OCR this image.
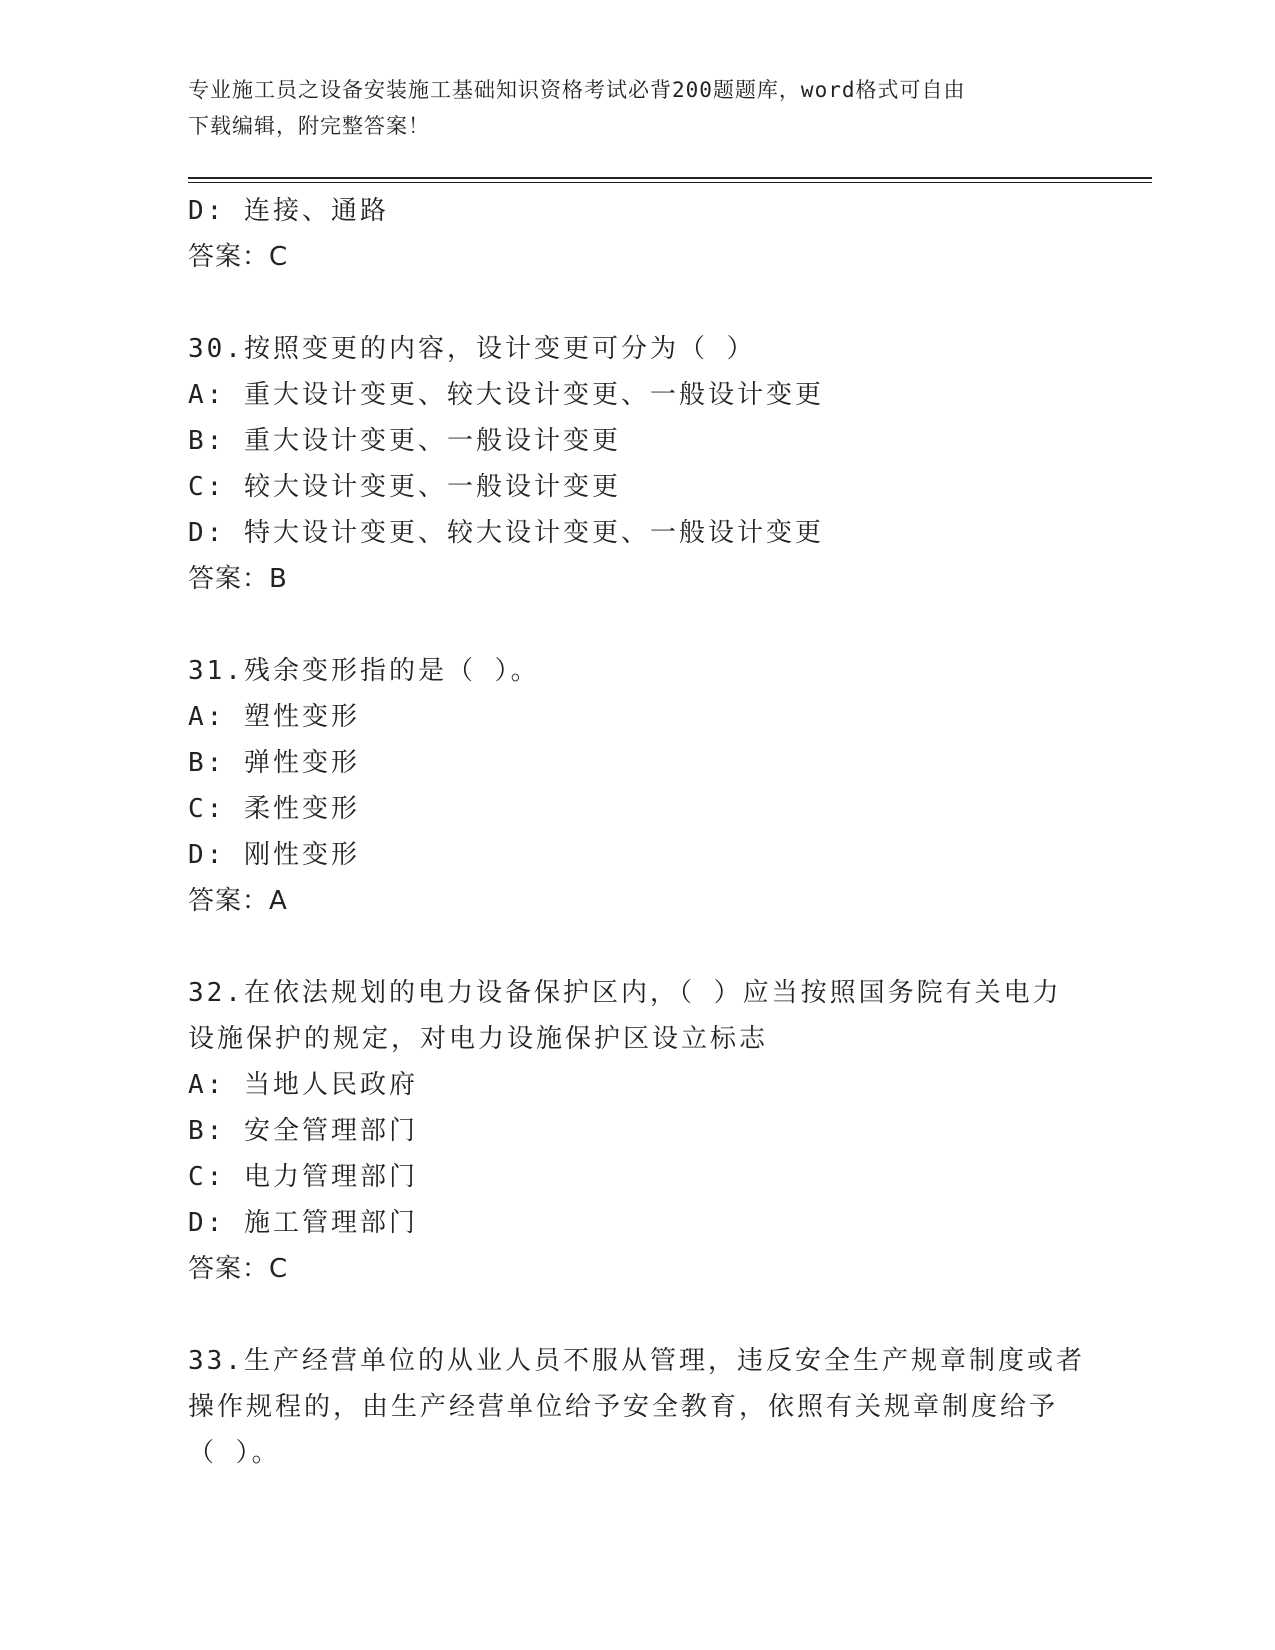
专业施工员之设备安装施工基础知识资格考试必背200题题库，word格式可自由
下载编辑，附完整答案！
D: 连接、通路
答案：C
30.按照变更的内容，设计变更可分为（ ）
A: 重大设计变更、较大设计变更、一般设计变更
B: 重大设计变更、一般设计变更
C: 较大设计变更、一般设计变更
D: 特大设计变更、较大设计变更、一般设计变更
答案：B
31.残余变形指的是（ ）。
A: 塑性变形
B: 弹性变形
C: 柔性变形
D: 刚性变形
答案：A
32.在依法规划的电力设备保护区内，（ ）应当按照国务院有关电力
设施保护的规定，对电力设施保护区设立标志
A: 当地人民政府
B: 安全管理部门
C: 电力管理部门
D: 施工管理部门
答案：C
33.生产经营单位的从业人员不服从管理，违反安全生产规章制度或者
操作规程的，由生产经营单位给予安全教育，依照有关规章制度给予
（ ）。
